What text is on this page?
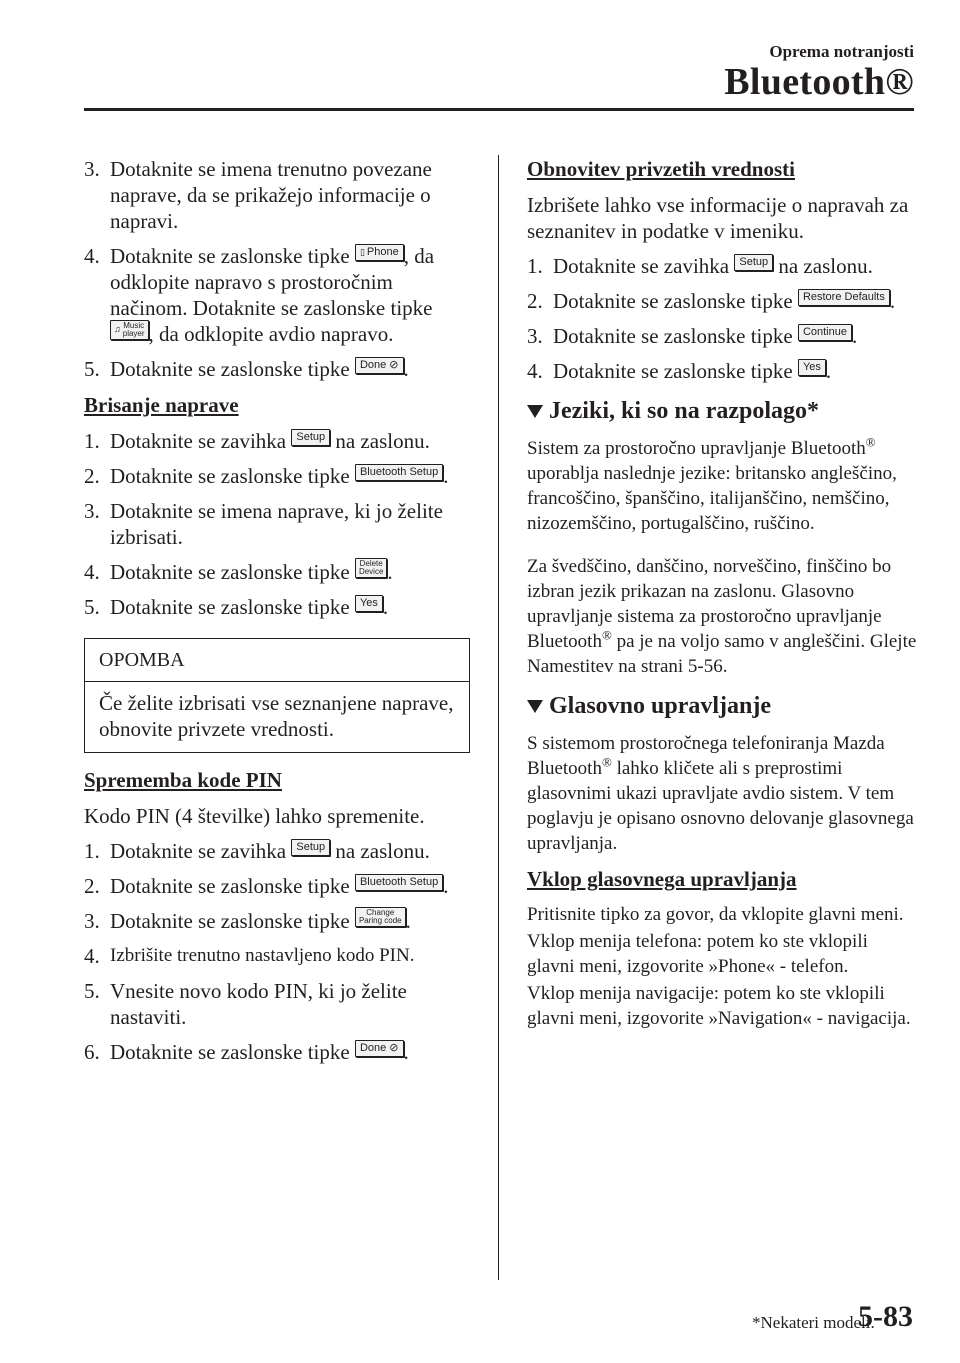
Oprema notranjosti
Bluetooth®
3. Dotaknite se imena trenutno povezane naprave, da se prikažejo informacije o napravi.
4. Dotaknite se zaslonske tipke ▯ Phone , da odklopite napravo s prostoročnim načinom. Dotaknite se zaslonske tipke ♫ Music
player , da odklopite avdio napravo.
5. Dotaknite se zaslonske tipke Done ⊘ .
Brisanje naprave
1. Dotaknite se zavihka Setup na zaslonu.
2. Dotaknite se zaslonske tipke Bluetooth Setup .
3. Dotaknite se imena naprave, ki jo želite izbrisati.
4. Dotaknite se zaslonske tipke Delete
Device .
5. Dotaknite se zaslonske tipke Yes .
OPOMBA
Če želite izbrisati vse seznanjene naprave, obnovite privzete vrednosti.
Sprememba kode PIN
Kodo PIN (4 številke) lahko spremenite.
1. Dotaknite se zavihka Setup na zaslonu.
2. Dotaknite se zaslonske tipke Bluetooth Setup .
3. Dotaknite se zaslonske tipke Change
Paring code .
4. Izbrišite trenutno nastavljeno kodo PIN.
5. Vnesite novo kodo PIN, ki jo želite nastaviti.
6. Dotaknite se zaslonske tipke Done ⊘ .
Obnovitev privzetih vrednosti
Izbrišete lahko vse informacije o napravah za seznanitev in podatke v imeniku.
1. Dotaknite se zavihka Setup na zaslonu.
2. Dotaknite se zaslonske tipke Restore Defaults .
3. Dotaknite se zaslonske tipke Continue .
4. Dotaknite se zaslonske tipke Yes .
Jeziki, ki so na razpolago*
Sistem za prostoročno upravljanje Bluetooth® uporablja naslednje jezike: britansko angleščino, francoščino, španščino, italijanščino, nemščino, nizozemščino, portugalščino, ruščino.
Za švedščino, danščino, norveščino, finščino bo izbran jezik prikazan na zaslonu. Glasovno upravljanje sistema za prostoročno upravljanje Bluetooth® pa je na voljo samo v angleščini. Glejte Namestitev na strani 5-56.
Glasovno upravljanje
S sistemom prostoročnega telefoniranja Mazda Bluetooth® lahko kličete ali s preprostimi glasovnimi ukazi upravljate avdio sistem. V tem poglavju je opisano osnovno delovanje glasovnega upravljanja.
Vklop glasovnega upravljanja
Pritisnite tipko za govor, da vklopite glavni meni.
Vklop menija telefona: potem ko ste vklopili glavni meni, izgovorite »Phone« - telefon.
Vklop menija navigacije: potem ko ste vklopili glavni meni, izgovorite »Navigation« - navigacija.
*Nekateri modeli.
5-83
